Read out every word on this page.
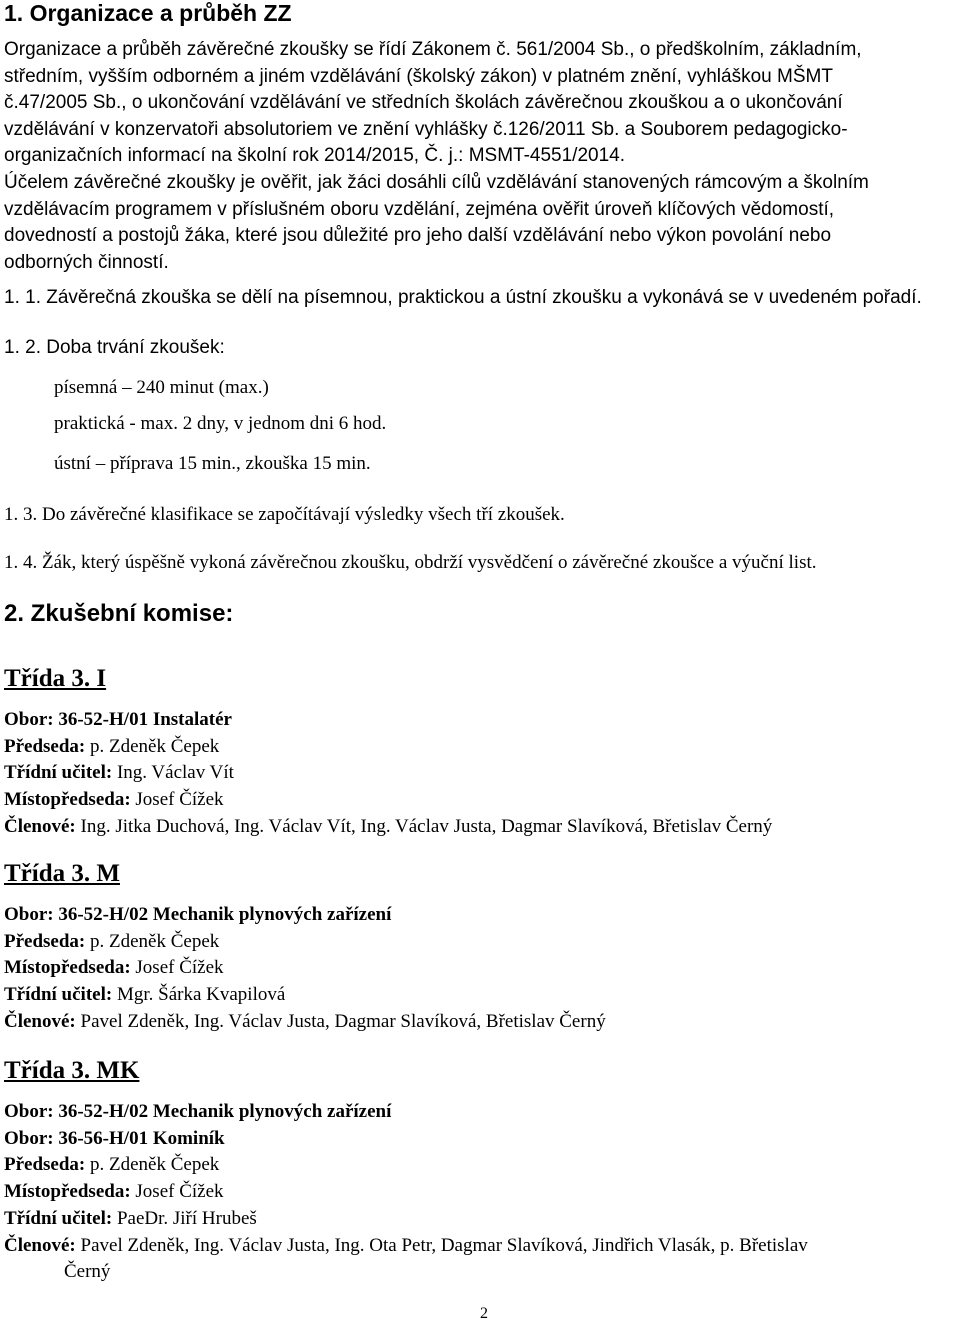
1. Organizace a průběh ZZ
Organizace a průběh závěrečné zkoušky se řídí Zákonem č. 561/2004 Sb., o předškolním, základním,
středním, vyšším odborném a jiném vzdělávání (školský zákon) v platném znění, vyhláškou MŠMT
č.47/2005 Sb., o ukončování vzdělávání ve středních školách závěrečnou zkouškou a o ukončování
vzdělávání v konzervatoři absolutoriem ve znění vyhlášky č.126/2011 Sb. a Souborem pedagogicko-
organizačních informací na školní rok 2014/2015, Č. j.: MSMT-4551/2014.
Účelem závěrečné zkoušky je ověřit, jak žáci dosáhli cílů vzdělávání stanovených rámcovým a školním
vzdělávacím programem v příslušném oboru vzdělání, zejména ověřit úroveň klíčových vědomostí,
dovedností a postojů žáka, které jsou důležité pro jeho další vzdělávání nebo výkon povolání nebo
odborných činností.
1. 1. Závěrečná zkouška se dělí na písemnou, praktickou a ústní zkoušku a vykonává se v uvedeném pořadí.
1. 2. Doba trvání zkoušek:
písemná – 240 minut (max.)
praktická - max. 2 dny, v jednom dni 6 hod.
ústní – příprava 15 min., zkouška 15 min.
1. 3. Do závěrečné klasifikace se započítávají výsledky všech tří zkoušek.
1. 4. Žák, který úspěšně vykoná závěrečnou zkoušku, obdrží vysvědčení o závěrečné zkoušce a výuční list.
2. Zkušební komise:
Třída 3. I
Obor: 36-52-H/01 Instalatér
Předseda: p. Zdeněk Čepek
Třídní učitel: Ing. Václav Vít
Místopředseda: Josef Čížek
Členové: Ing. Jitka Duchová, Ing. Václav Vít, Ing. Václav Justa, Dagmar Slavíková, Břetislav Černý
Třída 3. M
Obor: 36-52-H/02 Mechanik plynových zařízení
Předseda: p. Zdeněk Čepek
Místopředseda: Josef Čížek
Třídní učitel: Mgr. Šárka Kvapilová
Členové: Pavel Zdeněk, Ing. Václav Justa, Dagmar Slavíková, Břetislav Černý
Třída 3. MK
Obor: 36-52-H/02 Mechanik plynových zařízení
Obor: 36-56-H/01 Kominík
Předseda: p. Zdeněk Čepek
Místopředseda: Josef Čížek
Třídní učitel: PaeDr. Jiří Hrubeš
Členové: Pavel Zdeněk, Ing. Václav Justa, Ing. Ota Petr, Dagmar Slavíková, Jindřich Vlasák, p. Břetislav
Černý
2
